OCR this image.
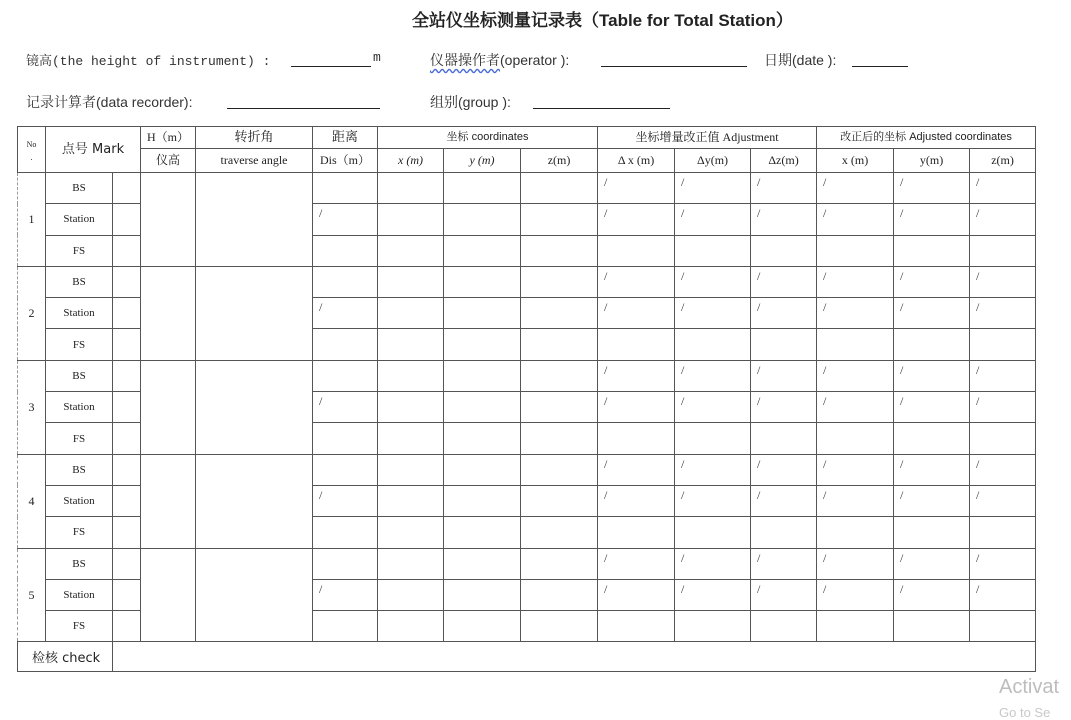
全站仪坐标测量记录表（Table for Total Station）
镜高(the height of instrument) :	m	仪器操作者(operator ):	日期(date ):
记录计算者(data recorder):	组别(group ):
No
.	点号 Mark		H（m）	转折角	距离	坐标 coordinates			坐标增量改正值 Adjustment			改正后的坐标 Adjusted coordinates		
			仪高	traverse angle	Dis（m）	x (m)	y (m)	z(m)	Δ x (m)	Δy(m)	Δz(m)	x (m)	y(m)	z(m)
1	BS								/	/	/	/	/	/
	Station				/				/	/	/	/	/	/
	FS													
2	BS								/	/	/	/	/	/
	Station				/				/	/	/	/	/	/
	FS													
3	BS								/	/	/	/	/	/
	Station				/				/	/	/	/	/	/
	FS													
4	BS								/	/	/	/	/	/
	Station				/				/	/	/	/	/	/
	FS													
5	BS								/	/	/	/	/	/
	Station				/				/	/	/	/	/	/
	FS													
检核 check														
Activat
Go to Se
